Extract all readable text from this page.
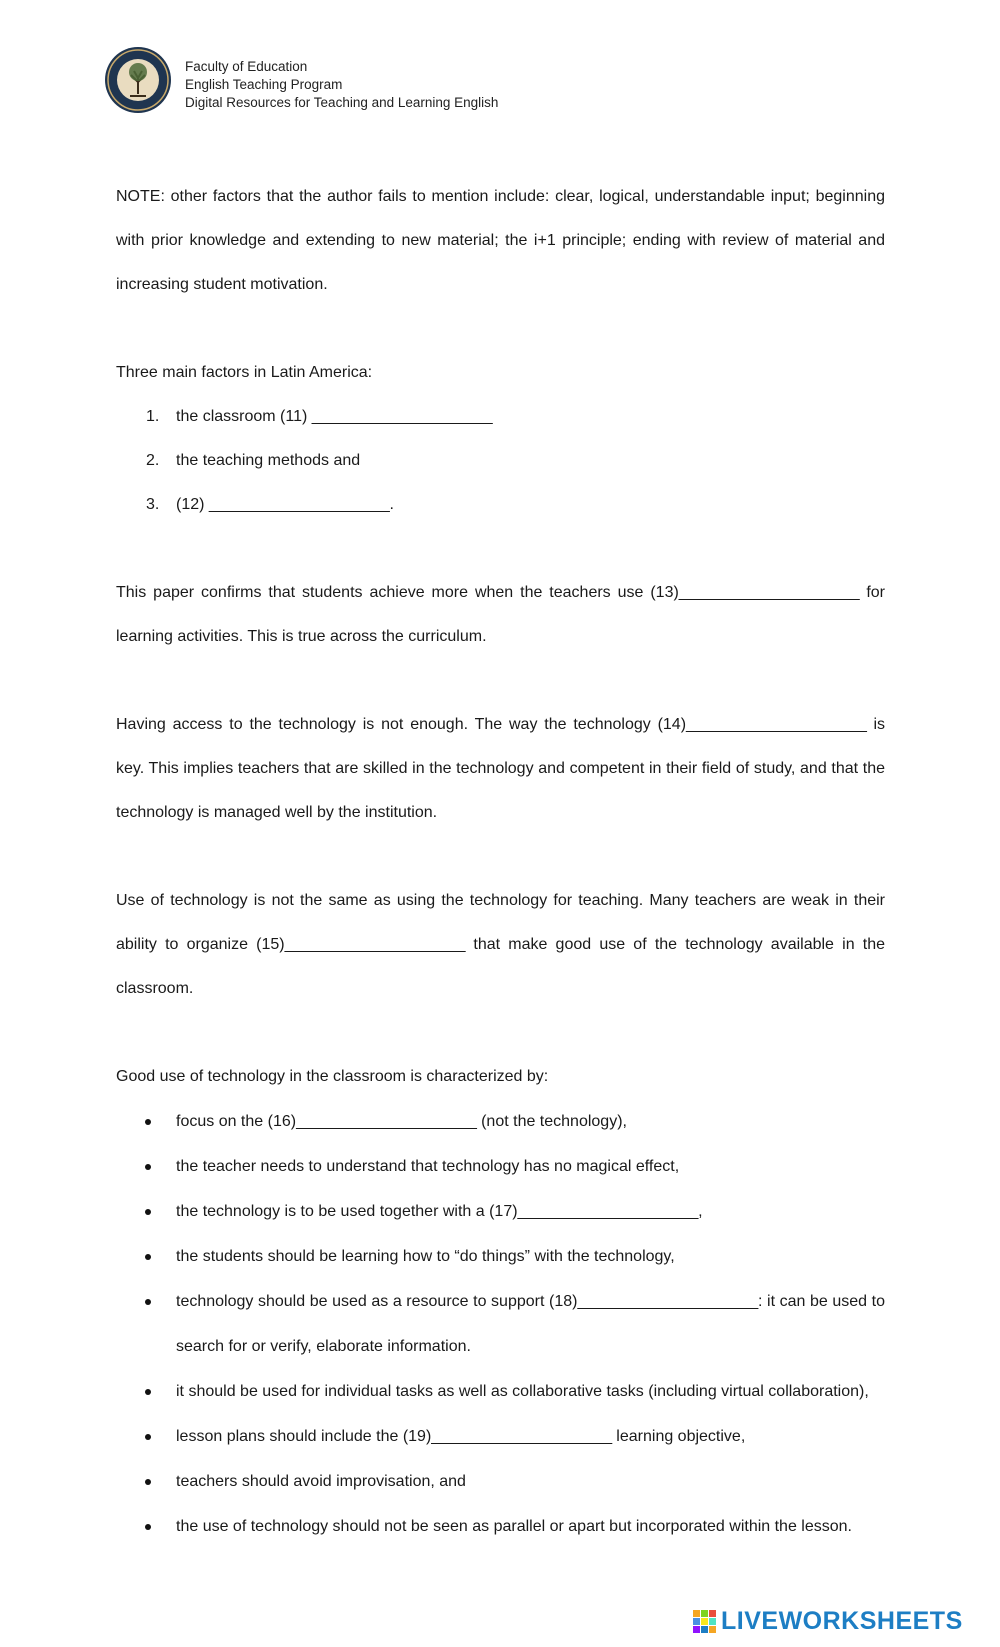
Faculty of Education
English Teaching Program
Digital Resources for Teaching and Learning English
NOTE: other factors that the author fails to mention include: clear, logical, understandable input; beginning with prior knowledge and extending to new material; the i+1 principle; ending with review of material and increasing student motivation.
Three main factors in Latin America:
1. the classroom (11) _____________________
2. the teaching methods and
3. (12) _____________________.
This paper confirms that students achieve more when the teachers use (13)_____________________ for learning activities. This is true across the curriculum.
Having access to the technology is not enough. The way the technology (14)_____________________ is key. This implies teachers that are skilled in the technology and competent in their field of study, and that the technology is managed well by the institution.
Use of technology is not the same as using the technology for teaching. Many teachers are weak in their ability to organize (15)_____________________ that make good use of the technology available in the classroom.
Good use of technology in the classroom is characterized by:
focus on the (16)_____________________ (not the technology),
the teacher needs to understand that technology has no magical effect,
the technology is to be used together with a (17)_____________________,
the students should be learning how to “do things” with the technology,
technology should be used as a resource to support (18)_____________________: it can be used to search for or verify, elaborate information.
it should be used for individual tasks as well as collaborative tasks (including virtual collaboration),
lesson plans should include the (19)_____________________ learning objective,
teachers should avoid improvisation, and
the use of technology should not be seen as parallel or apart but incorporated within the lesson.
LIVEWORKSHEETS
